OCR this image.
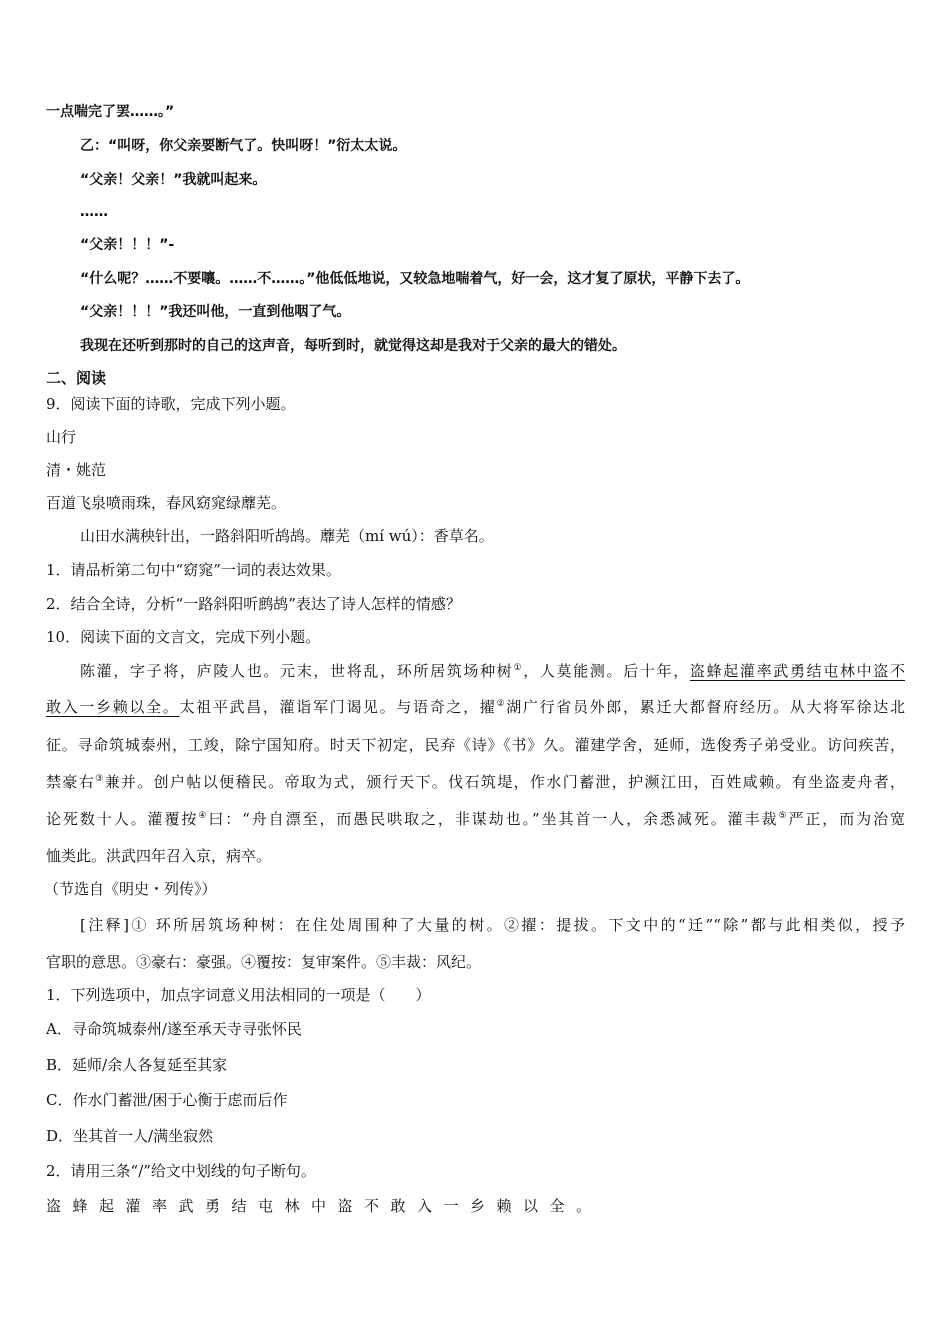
一点喘完了罢……。”
乙：“叫呀，你父亲要断气了。快叫呀！”衍太太说。
“父亲！父亲！”我就叫起来。
……
“父亲！！！”-
“什么呢？……不要嚷。……不……。”他低低地说，又较急地喘着气，好一会，这才复了原状，平静下去了。
“父亲！！！”我还叫他，一直到他咽了气。
我现在还听到那时的自己的这声音，每听到时，就觉得这却是我对于父亲的最大的错处。
二、阅读
9．阅读下面的诗歌，完成下列小题。
山行
清・姚范
百道飞泉喷雨珠，春风窈窕绿蘼芜。
山田水满秧针出，一路斜阳听鸪鸪。蘼芜（mí wú）：香草名。
1．请品析第二句中“窈窕”一词的表达效果。
2．结合全诗，分析“一路斜阳听鹧鸪”表达了诗人怎样的情感？
10．阅读下面的文言文，完成下列小题。
陈灌，字子将，庐陵人也。元末，世将乱，环所居筑场种树①，人莫能测。后十年，盗蜂起灌率武勇结屯林中盗不
敢入一乡赖以全。太祖平武昌，灌诣军门谒见。与语奇之，擢②湖广行省员外郎，累迁大都督府经历。从大将军徐达北
征。寻命筑城泰州，工竣，除宁国知府。时天下初定，民弃《诗》《书》久。灌建学舍，延师，选俊秀子弟受业。访问疾苦，
禁豪右③兼并。创户帖以便稽民。帝取为式，颁行天下。伐石筑堤，作水门蓄泄，护濒江田，百姓咸赖。有坐盗麦舟者，
论死数十人。灌覆按④曰：“舟自漂至，而愚民哄取之，非谋劫也。”坐其首一人，余悉减死。灌丰裁⑤严正，而为治宽
恤类此。洪武四年召入京，病卒。
（节选自《明史・列传》）
[注释]① 环所居筑场种树：在住处周围种了大量的树。②擢：提拔。下文中的“迁”“除”都与此相类似，授予
官职的意思。③豪右：豪强。④覆按：复审案件。⑤丰裁：风纪。
1．下列选项中，加点字词意义用法相同的一项是（　　）
A．寻命筑城泰州/遂至承天寺寻张怀民
B．延师/余人各复延至其家
C．作水门蓄泄/困于心衡于虑而后作
D．坐其首一人/满坐寂然
2．请用三条“/”给文中划线的句子断句。
盗蜂起灌率武勇结屯林中盗不敢入一乡赖以全。
